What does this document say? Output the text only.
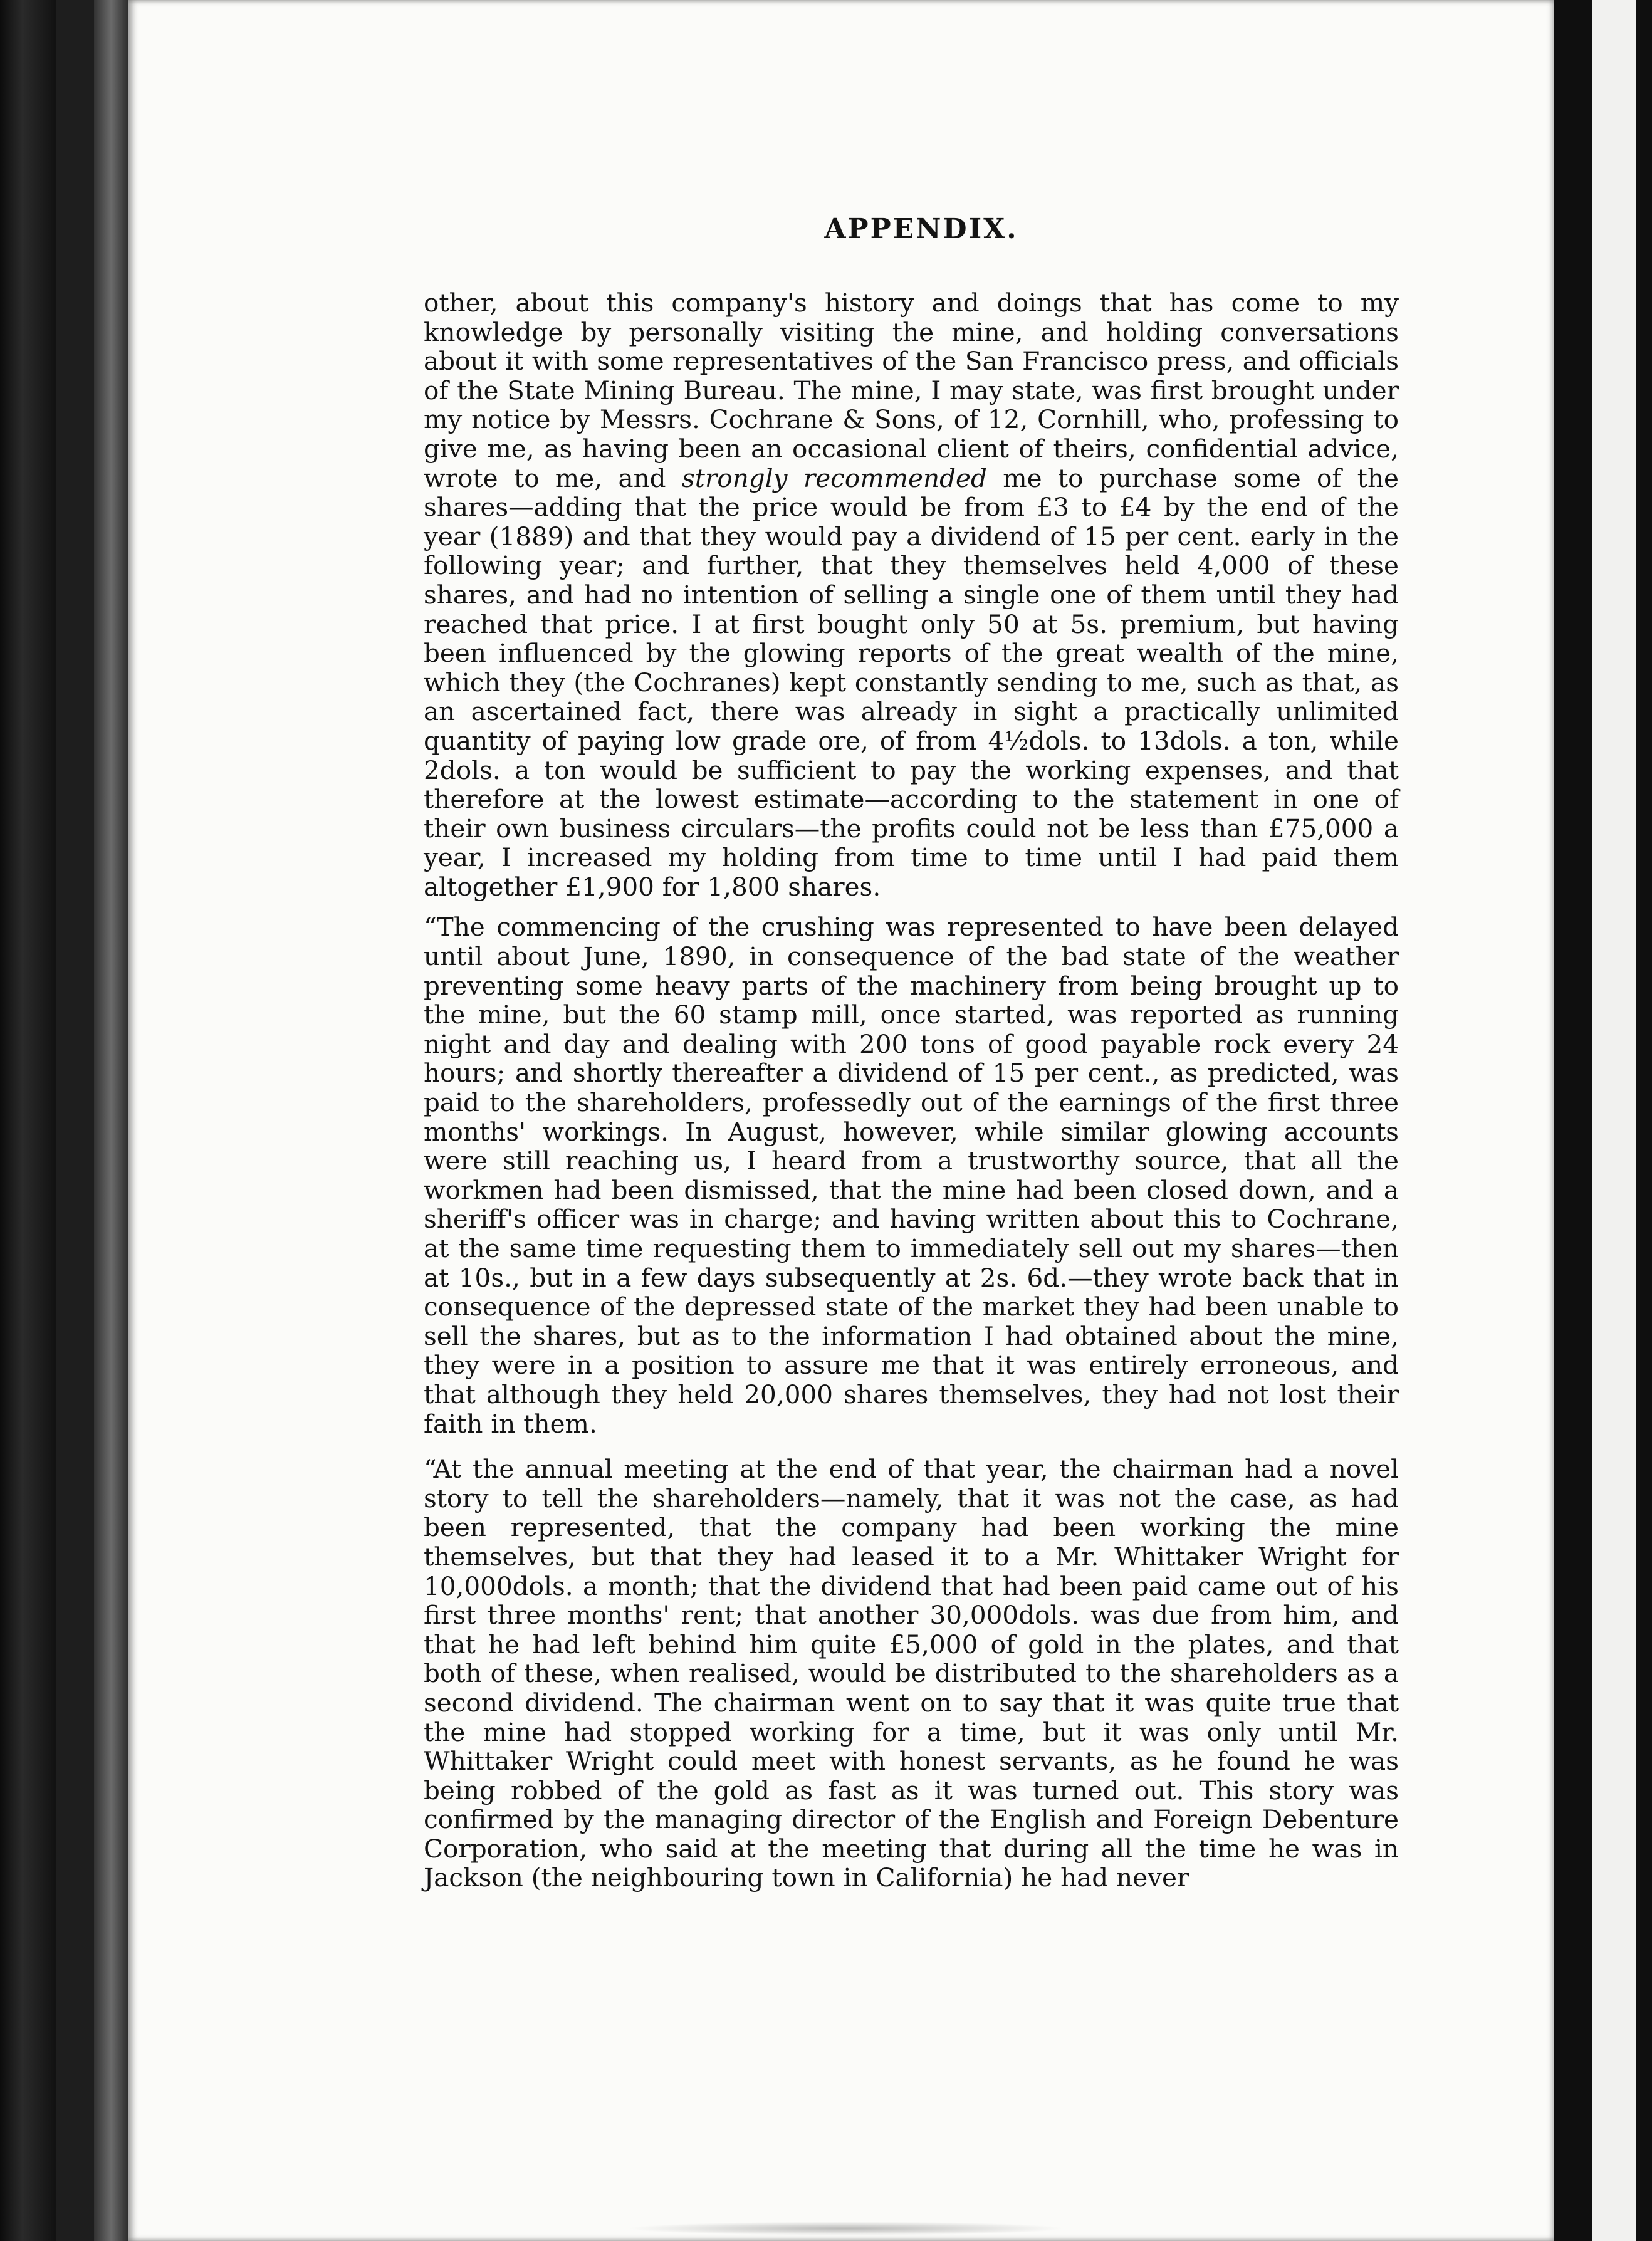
APPENDIX.

other, about this company's history and doings that has come to my knowledge by personally visiting the mine, and holding conversations about it with some representatives of the San Francisco press, and officials of the State Mining Bureau. The mine, I may state, was first brought under my notice by Messrs. Cochrane & Sons, of 12, Cornhill, who, professing to give me, as having been an occasional client of theirs, confidential advice, wrote to me, and strongly recommended me to purchase some of the shares—adding that the price would be from £3 to £4 by the end of the year (1889) and that they would pay a dividend of 15 per cent. early in the following year; and further, that they themselves held 4,000 of these shares, and had no intention of selling a single one of them until they had reached that price. I at first bought only 50 at 5s. premium, but having been influenced by the glowing reports of the great wealth of the mine, which they (the Cochranes) kept constantly sending to me, such as that, as an ascertained fact, there was already in sight a practically unlimited quantity of paying low grade ore, of from 4½dols. to 13dols. a ton, while 2dols. a ton would be sufficient to pay the working expenses, and that therefore at the lowest estimate—according to the statement in one of their own business circulars—the profits could not be less than £75,000 a year, I increased my holding from time to time until I had paid them altogether £1,900 for 1,800 shares.

“The commencing of the crushing was represented to have been delayed until about June, 1890, in consequence of the bad state of the weather preventing some heavy parts of the machinery from being brought up to the mine, but the 60 stamp mill, once started, was reported as running night and day and dealing with 200 tons of good payable rock every 24 hours; and shortly thereafter a dividend of 15 per cent., as predicted, was paid to the shareholders, professedly out of the earnings of the first three months' workings. In August, however, while similar glowing accounts were still reaching us, I heard from a trustworthy source, that all the workmen had been dismissed, that the mine had been closed down, and a sheriff's officer was in charge; and having written about this to Cochrane, at the same time requesting them to immediately sell out my shares—then at 10s., but in a few days subsequently at 2s. 6d.—they wrote back that in consequence of the depressed state of the market they had been unable to sell the shares, but as to the information I had obtained about the mine, they were in a position to assure me that it was entirely erroneous, and that although they held 20,000 shares themselves, they had not lost their faith in them.

“At the annual meeting at the end of that year, the chairman had a novel story to tell the shareholders—namely, that it was not the case, as had been represented, that the company had been working the mine themselves, but that they had leased it to a Mr. Whittaker Wright for 10,000dols. a month; that the dividend that had been paid came out of his first three months' rent; that another 30,000dols. was due from him, and that he had left behind him quite £5,000 of gold in the plates, and that both of these, when realised, would be distributed to the shareholders as a second dividend. The chairman went on to say that it was quite true that the mine had stopped working for a time, but it was only until Mr. Whittaker Wright could meet with honest servants, as he found he was being robbed of the gold as fast as it was turned out. This story was confirmed by the managing director of the English and Foreign Debenture Corporation, who said at the meeting that during all the time he was in Jackson (the neighbouring town in California) he had never
